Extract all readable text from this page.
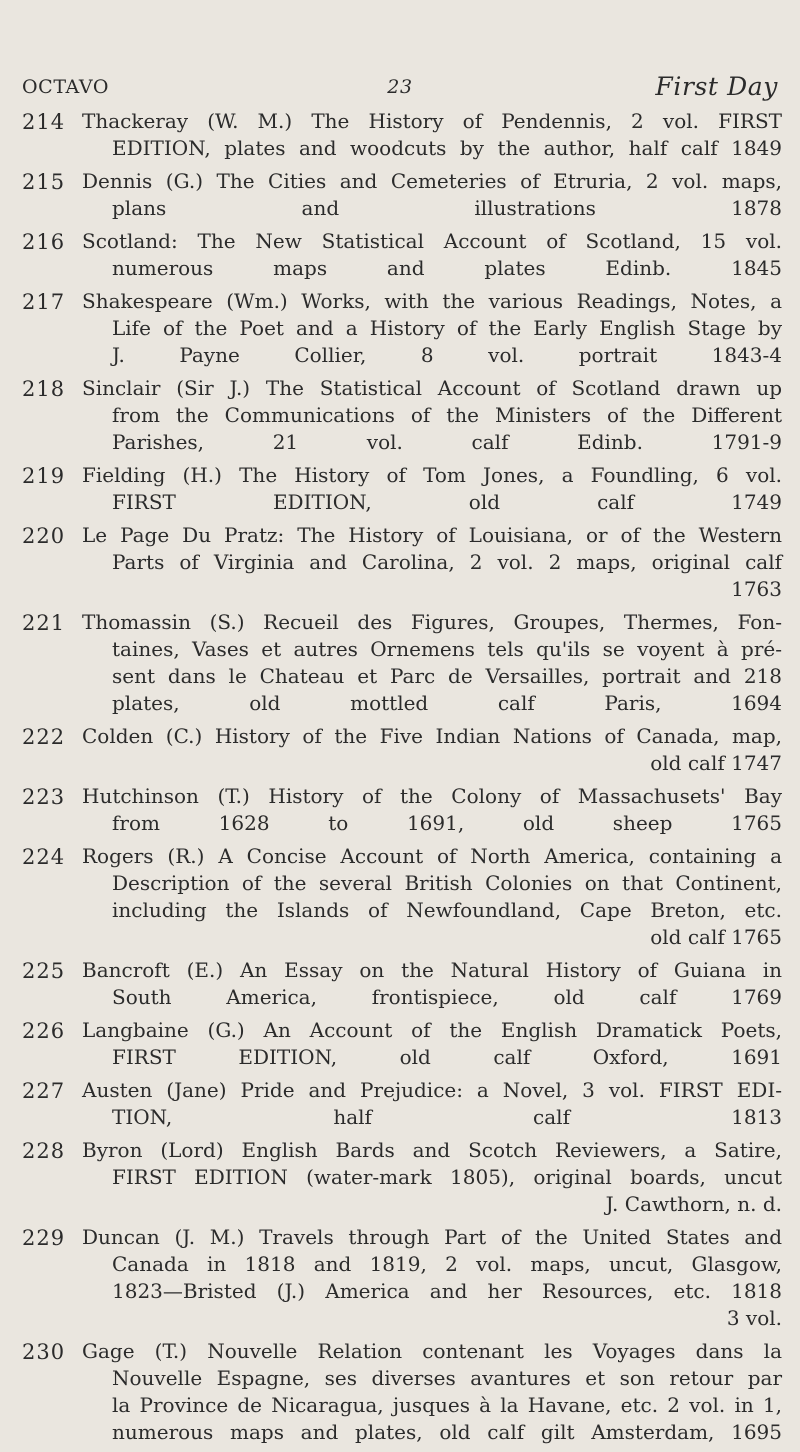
OCTAVO	23	First Day
214 Thackeray (W. M.) The History of Pendennis, 2 vol. FIRST
EDITION, plates and woodcuts by the author, half calf 1849
215 Dennis (G.) The Cities and Cemeteries of Etruria, 2 vol. maps,
plans and illustrations 1878
216 Scotland: The New Statistical Account of Scotland, 15 vol.
numerous maps and plates Edinb. 1845
217 Shakespeare (Wm.) Works, with the various Readings, Notes, a
Life of the Poet and a History of the Early English Stage by
J. Payne Collier, 8 vol. portrait 1843-4
218 Sinclair (Sir J.) The Statistical Account of Scotland drawn up
from the Communications of the Ministers of the Different
Parishes, 21 vol. calf Edinb. 1791-9
219 Fielding (H.) The History of Tom Jones, a Foundling, 6 vol.
FIRST EDITION, old calf 1749
220 Le Page Du Pratz: The History of Louisiana, or of the Western
Parts of Virginia and Carolina, 2 vol. 2 maps, original calf
1763
221 Thomassin (S.) Recueil des Figures, Groupes, Thermes, Fon-
taines, Vases et autres Ornemens tels qu'ils se voyent à pré-
sent dans le Chateau et Parc de Versailles, portrait and 218
plates, old mottled calf Paris, 1694
222 Colden (C.) History of the Five Indian Nations of Canada, map,
old calf 1747
223 Hutchinson (T.) History of the Colony of Massachusets' Bay
from 1628 to 1691, old sheep 1765
224 Rogers (R.) A Concise Account of North America, containing a
Description of the several British Colonies on that Continent,
including the Islands of Newfoundland, Cape Breton, etc.
old calf 1765
225 Bancroft (E.) An Essay on the Natural History of Guiana in
South America, frontispiece, old calf 1769
226 Langbaine (G.) An Account of the English Dramatick Poets,
FIRST EDITION, old calf Oxford, 1691
227 Austen (Jane) Pride and Prejudice: a Novel, 3 vol. FIRST EDI-
TION, half calf 1813
228 Byron (Lord) English Bards and Scotch Reviewers, a Satire,
FIRST EDITION (water-mark 1805), original boards, uncut
J. Cawthorn, n. d.
229 Duncan (J. M.) Travels through Part of the United States and
Canada in 1818 and 1819, 2 vol. maps, uncut, Glasgow,
1823—Bristed (J.) America and her Resources, etc. 1818
3 vol.
230 Gage (T.) Nouvelle Relation contenant les Voyages dans la
Nouvelle Espagne, ses diverses avantures et son retour par
la Province de Nicaragua, jusques à la Havane, etc. 2 vol. in 1,
numerous maps and plates, old calf gilt Amsterdam, 1695
